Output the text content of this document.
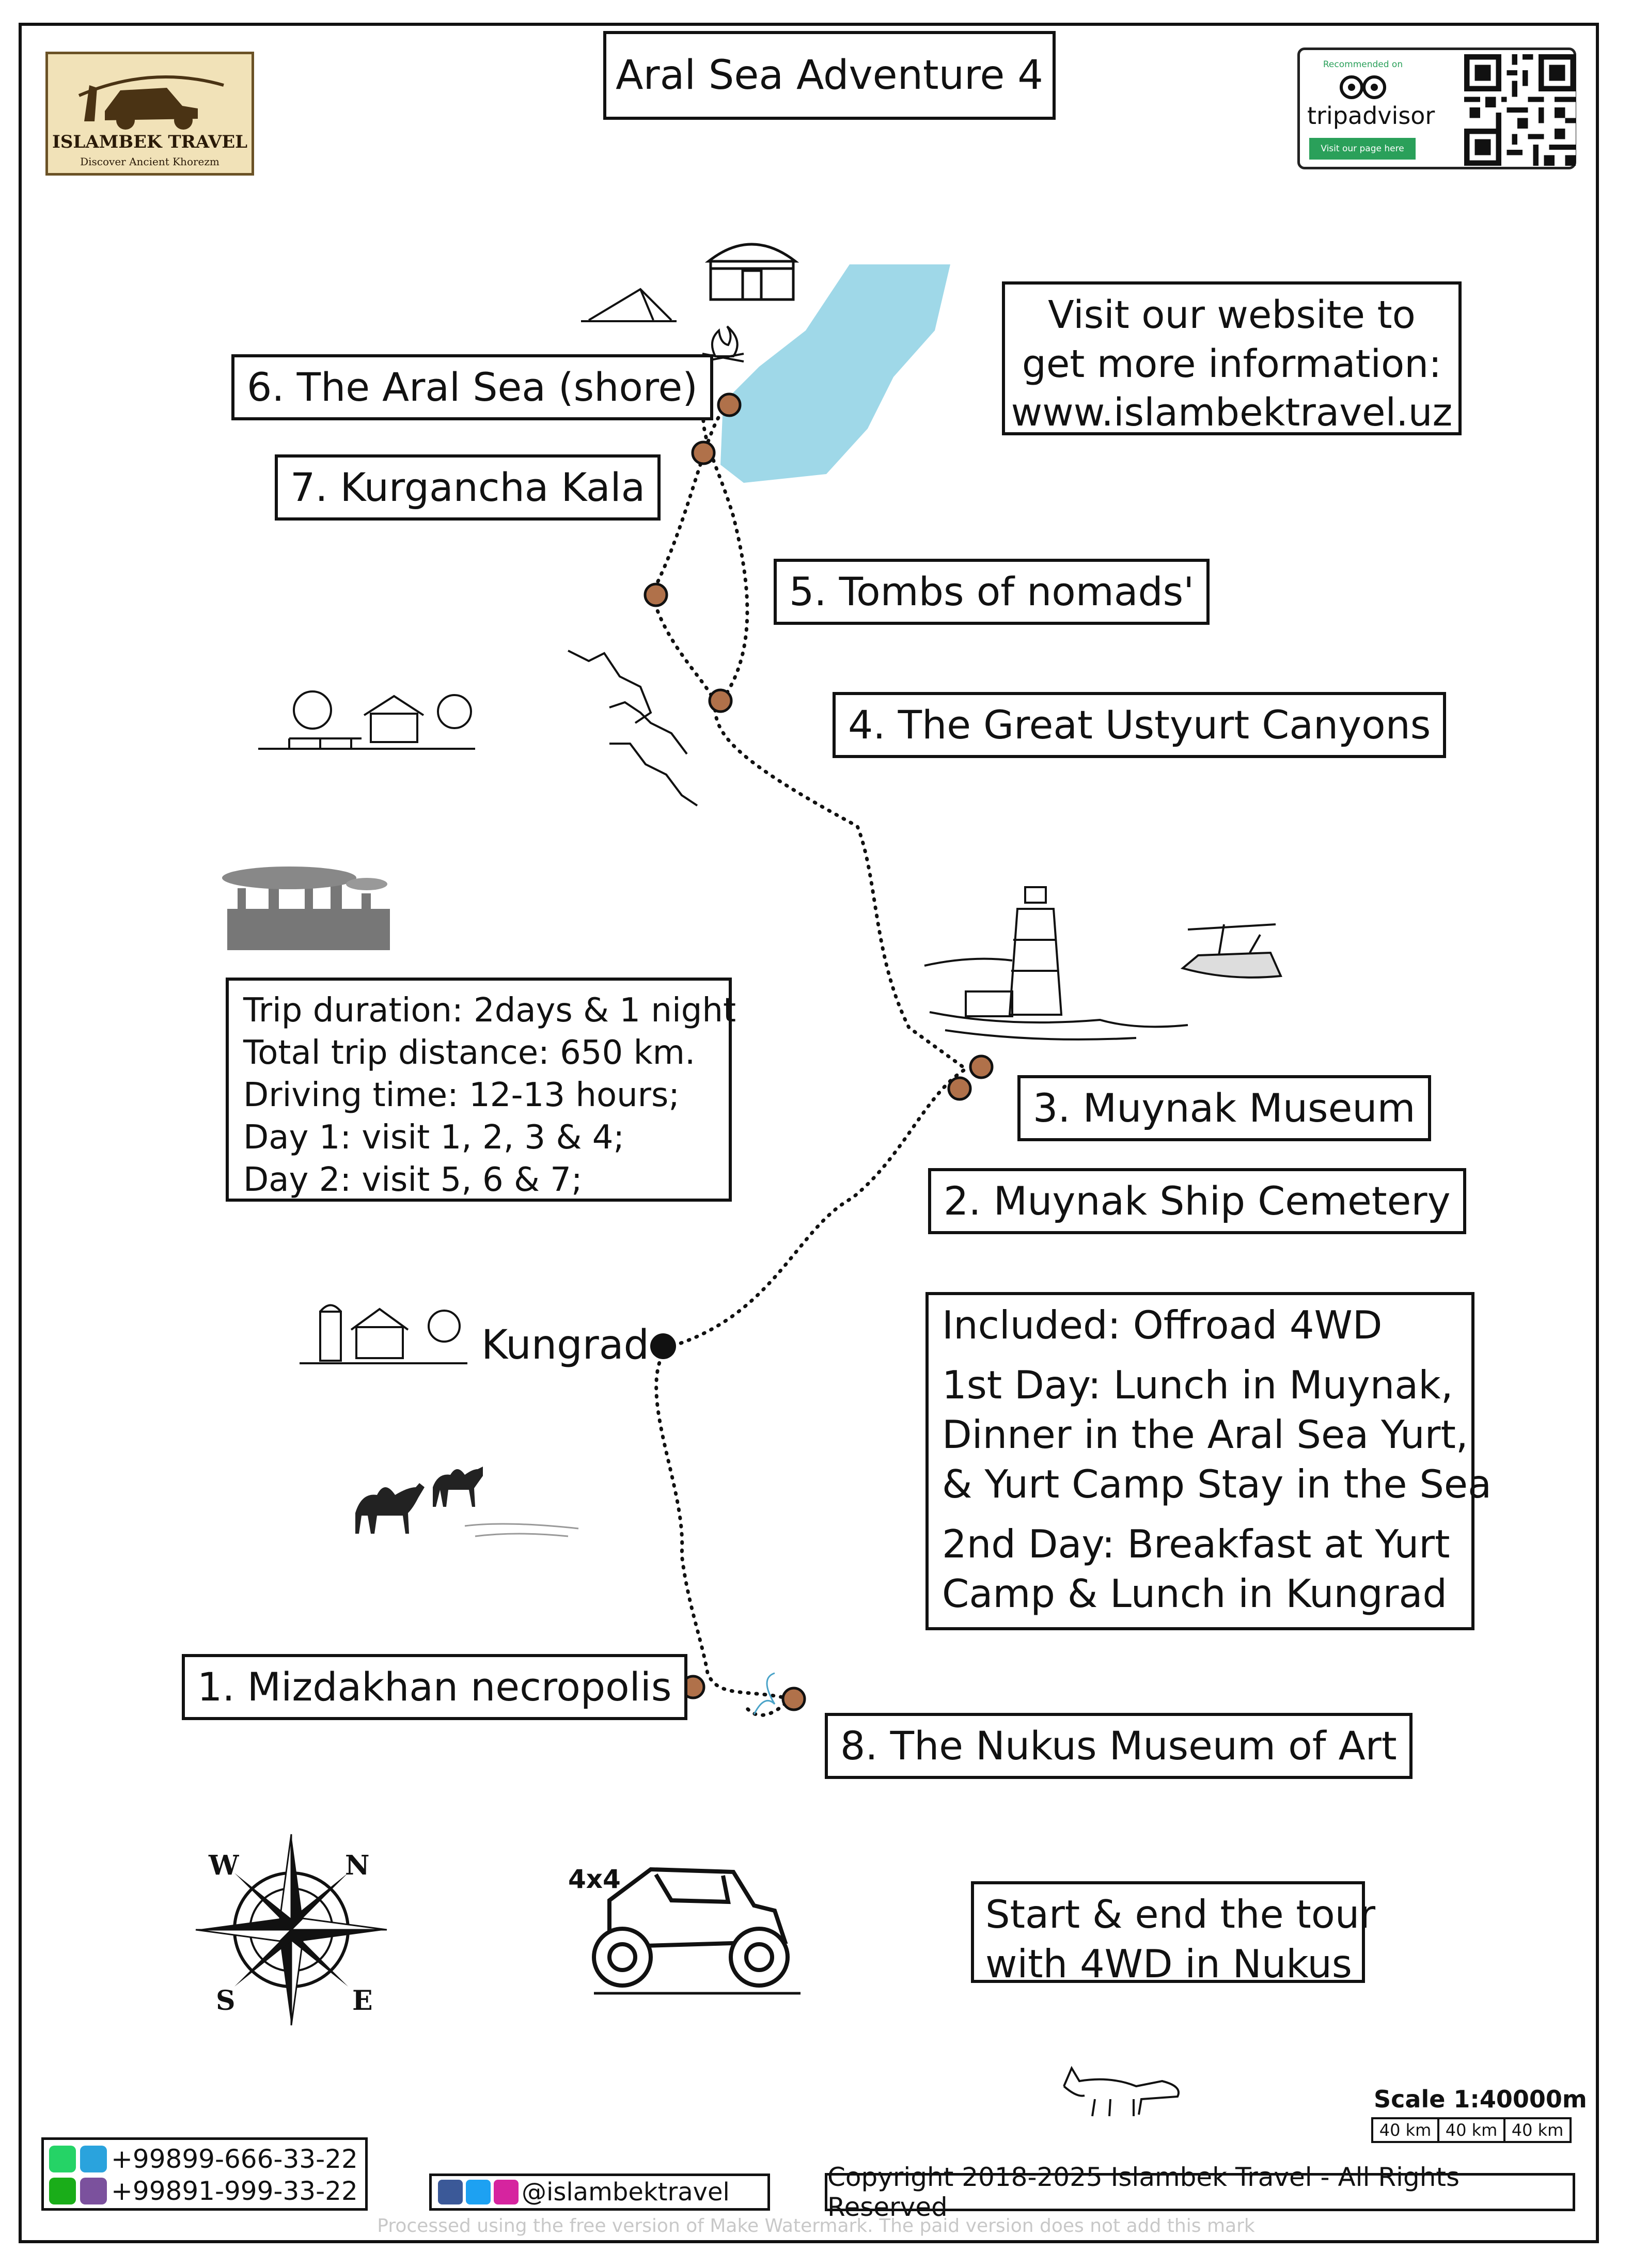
Aral Sea Adventure 4
ISLAMBEK TRAVEL
Discover Ancient Khorezm
Recommended on
tripadvisor
Visit our page here
Visit our website to
get more information:
www.islambektravel.uz
6. The Aral Sea (shore)
7. Kurgancha Kala
5. Tombs of nomads'
4. The Great Ustyurt Canyons
3. Muynak Museum
2. Muynak Ship Cemetery
1. Mizdakhan necropolis
8. The Nukus Museum of Art
Kungrad
Trip duration: 2days & 1 night
Total trip distance: 650 km.
Driving time: 12-13 hours;
Day 1: visit 1, 2, 3 & 4;
Day 2: visit 5, 6 & 7;

Included: Offroad 4WD

1st Day: Lunch in Muynak,

Dinner in the Aral Sea Yurt,

& Yurt Camp Stay in the Sea

2nd Day: Breakfast at Yurt

Camp & Lunch in Kungrad

Start & end the tour
with 4WD in Nukus
W	N
S	E
4x4
Scale 1:40000m
40 km 40 km 40 km
+99899-666-33-22
+99891-999-33-22	@islambektravel	Copyright 2018-2025 Islambek Travel - All Rights Reserved
Processed using the free version of Make Watermark. The paid version does not add this mark
